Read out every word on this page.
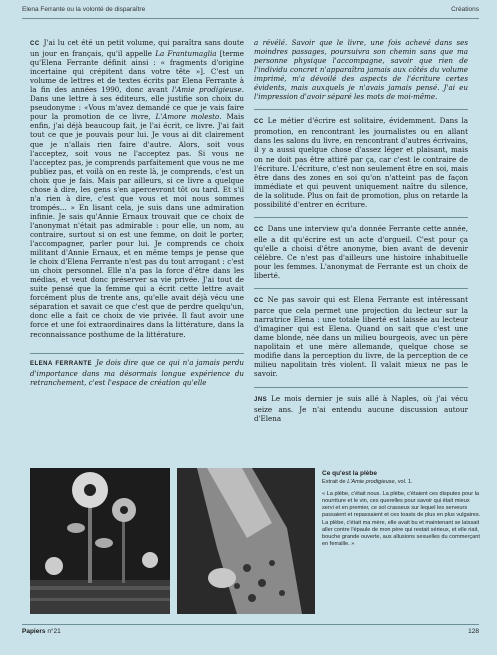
Elena Ferrante ou la volonté de disparaître	Créations

CC J'ai lu cet été un petit volume, qui paraîtra sans doute un jour en français, qu'il appelle La Frantumaglia [terme qu'Elena Ferrante définit ainsi : « fragments d'origine incertaine qui crépitent dans votre tête »]. C'est un volume de lettres et de textes écrits par Elena Ferrante à la fin des années 1990, donc avant l'Amie prodigieuse. Dans une lettre à ses éditeurs, elle justifie son choix du pseudonyme : «Vous m'avez demandé ce que je vais faire pour la promotion de ce livre, L'Amore molesto. Mais enfin, j'ai déjà beaucoup fait, je l'ai écrit, ce livre. J'ai fait tout ce que je pouvais pour lui. Je vous ai dit clairement que je n'allais rien faire d'autre. Alors, soit vous l'acceptez, soit vous ne l'acceptez pas. Si vous ne l'acceptez pas, je comprends parfaitement que vous ne me publiez pas, et voilà on en reste là, je comprends, c'est un choix que je fais. Mais par ailleurs, si ce livre a quelque chose à dire, les gens s'en apercevront tôt ou tard. Et s'il n'a rien à dire, c'est que vous et moi nous sommes trompés... » En lisant cela, je suis dans une admiration infinie. Je sais qu'Annie Ernaux trouvait que ce choix de l'anonymat n'était pas admirable : pour elle, un nom, au contraire, surtout si on est une femme, on doit le porter, l'accompagner, parler pour lui. Je comprends ce choix militant d'Annie Ernaux, et en même temps je pense que le choix d'Elena Ferrante n'est pas du tout arrogant : c'est un choix personnel. Elle n'a pas la force d'être dans les médias, et veut donc préserver sa vie privée. J'ai tout de suite pensé que la femme qui a écrit cette lettre avait forcément plus de trente ans, qu'elle avait déjà vécu une séparation et savait ce que c'est que de perdre quelqu'un, donc elle a fait ce choix de vie privée. Il faut avoir une force et une foi extraordinaires dans la littérature, dans la reconnaissance posthume de la littérature.

ELENA FERRANTE Je dois dire que ce qui n'a jamais perdu d'importance dans ma désormais longue expérience du retranchement, c'est l'espace de création qu'elle

a révélé. Savoir que le livre, une fois achevé dans ses moindres passages, poursuivra son chemin sans que ma personne physique l'accompagne, savoir que rien de l'individu concret n'apparaîtra jamais aux côtés du volume imprimé, m'a dévoilé des aspects de l'écriture certes évidents, mais auxquels je n'avais jamais pensé. J'ai eu l'impression d'avoir séparé les mots de moi-même.

CC Le métier d'écrire est solitaire, évidemment. Dans la promotion, en rencontrant les journalistes ou en allant dans les salons du livre, en rencontrant d'autres écrivains, il y a aussi quelque chose d'assez léger et plaisant, mais on ne doit pas être attiré par ça, car c'est le contraire de l'écriture. L'écriture, c'est non seulement être en soi, mais être dans des zones en soi qu'on n'atteint pas de façon immédiate et qui peuvent uniquement naître du silence, de la solitude. Plus on fait de promotion, plus on retarde la possibilité d'entrer en écriture.

CC Dans une interview qu'a donnée Ferrante cette année, elle a dit qu'écrire est un acte d'orgueil. C'est pour ça qu'elle a choisi d'être anonyme, bien avant de devenir célèbre. Ce n'est pas d'ailleurs une histoire inhabituelle pour les femmes. L'anonymat de Ferrante est un choix de liberté.

CC Ne pas savoir qui est Elena Ferrante est intéressant parce que cela permet une projection du lecteur sur la narratrice Elena : une totale liberté est laissée au lecteur d'imaginer qui est Elena. Quand on sait que c'est une dame blonde, née dans un milieu bourgeois, avec un père napolitain et une mère allemande, quelque chose se modifie dans la perception du livre, de la perception de ce milieu napolitain très violent. Il valait mieux ne pas le savoir.

JNS Le mois dernier je suis allé à Naples, où j'ai vécu seize ans. Je n'ai entendu aucune discussion autour d'Elena

Ce qu'est la plèbe
Extrait de L'Amie prodigieuse, vol. 1.
« La plèbe, c'était nous. La plèbe, c'étaient ces disputes pour la nourriture et le vin, ces querelles pour savoir qui était mieux servi et en premier, ce sol crasseux sur lequel les serveurs passaient et repassaient et ces toasts de plus en plus vulgaires. La plèbe, c'était ma mère, elle avait bu et maintenant se laissait aller contre l'épaule de mon père qui restait sérieux, et elle riait, bouche grande ouverte, aux allusions sexuelles du commerçant en ferraille. »
Papiers n°21	128
